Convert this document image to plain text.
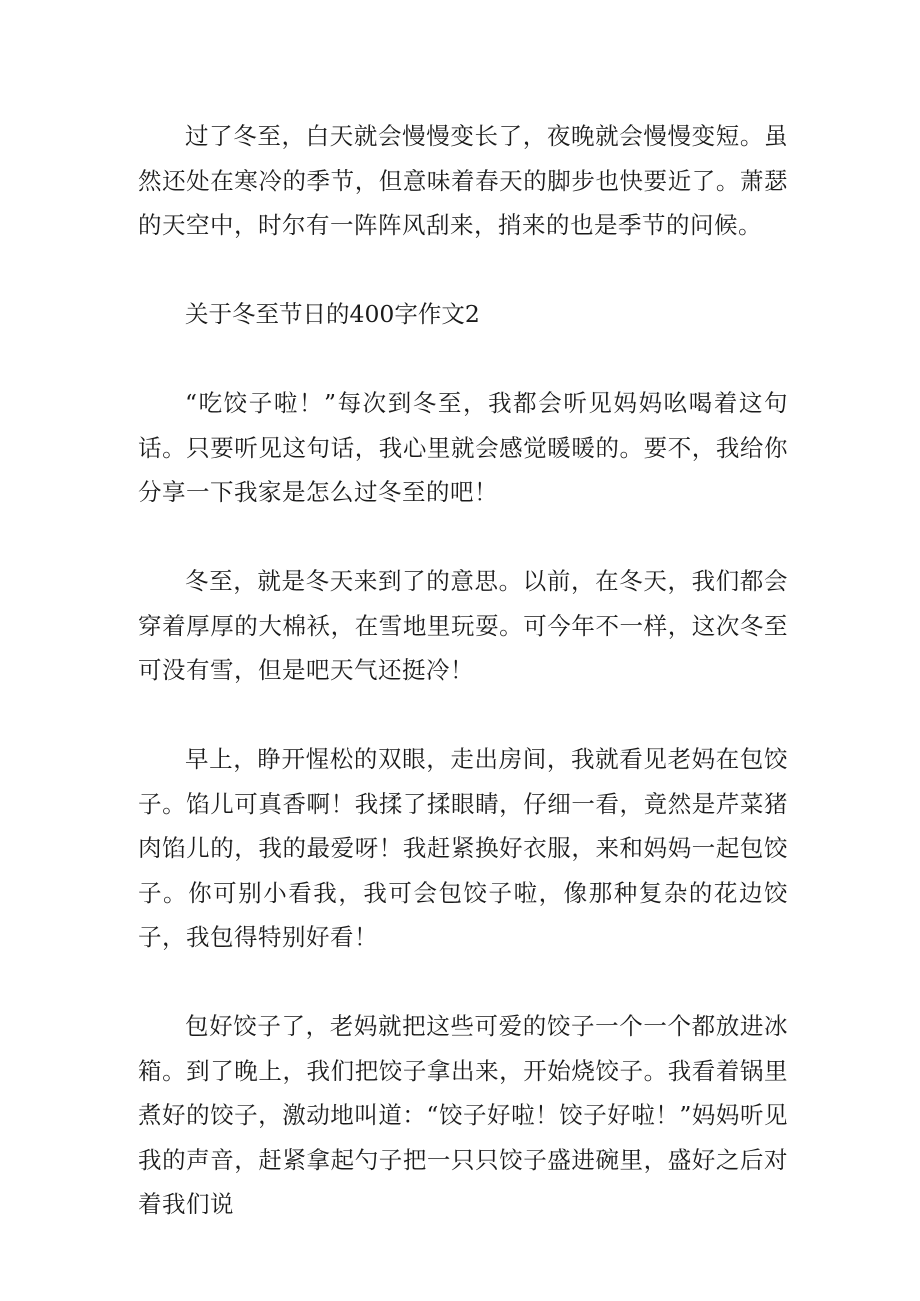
过了冬至，白天就会慢慢变长了，夜晚就会慢慢变短。虽然还处在寒冷的季节，但意味着春天的脚步也快要近了。萧瑟的天空中，时尔有一阵阵风刮来，捎来的也是季节的问候。

关于冬至节日的400字作文2

“吃饺子啦！”每次到冬至，我都会听见妈妈吆喝着这句话。只要听见这句话，我心里就会感觉暖暖的。要不，我给你分享一下我家是怎么过冬至的吧！

冬至，就是冬天来到了的意思。以前，在冬天，我们都会穿着厚厚的大棉袄，在雪地里玩耍。可今年不一样，这次冬至可没有雪，但是吧天气还挺冷！

早上，睁开惺松的双眼，走出房间，我就看见老妈在包饺子。馅儿可真香啊！我揉了揉眼睛，仔细一看，竟然是芹菜猪肉馅儿的，我的最爱呀！我赶紧换好衣服，来和妈妈一起包饺子。你可别小看我，我可会包饺子啦，像那种复杂的花边饺子，我包得特别好看！

包好饺子了，老妈就把这些可爱的饺子一个一个都放进冰箱。到了晚上，我们把饺子拿出来，开始烧饺子。我看着锅里煮好的饺子，激动地叫道：“饺子好啦！饺子好啦！”妈妈听见我的声音，赶紧拿起勺子把一只只饺子盛进碗里，盛好之后对着我们说
